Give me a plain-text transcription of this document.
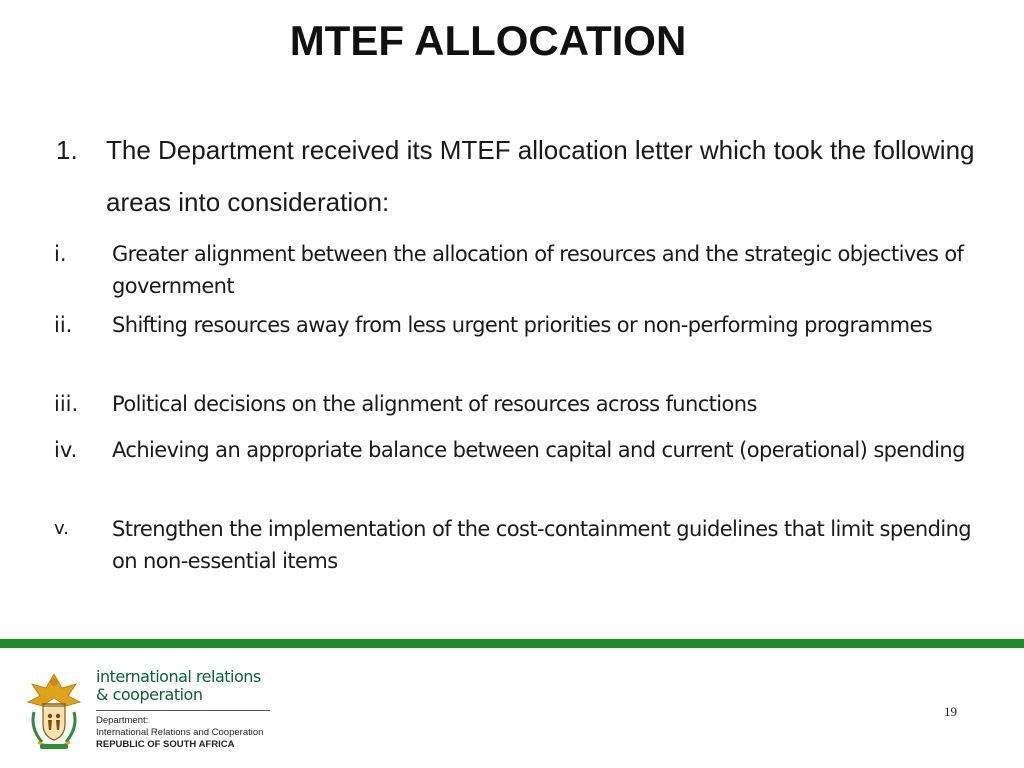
MTEF ALLOCATION
1. The Department received its MTEF allocation letter which took the following areas into consideration:
i. Greater alignment between the allocation of resources and the strategic objectives of government
ii. Shifting resources away from less urgent priorities or non-performing programmes
iii. Political decisions on the alignment of resources across functions
iv. Achieving an appropriate balance between capital and current (operational) spending
v. Strengthen the implementation of the cost-containment guidelines that limit spending on non-essential items
international relations
& cooperation
Department:
International Relations and Cooperation
REPUBLIC OF SOUTH AFRICA
19
